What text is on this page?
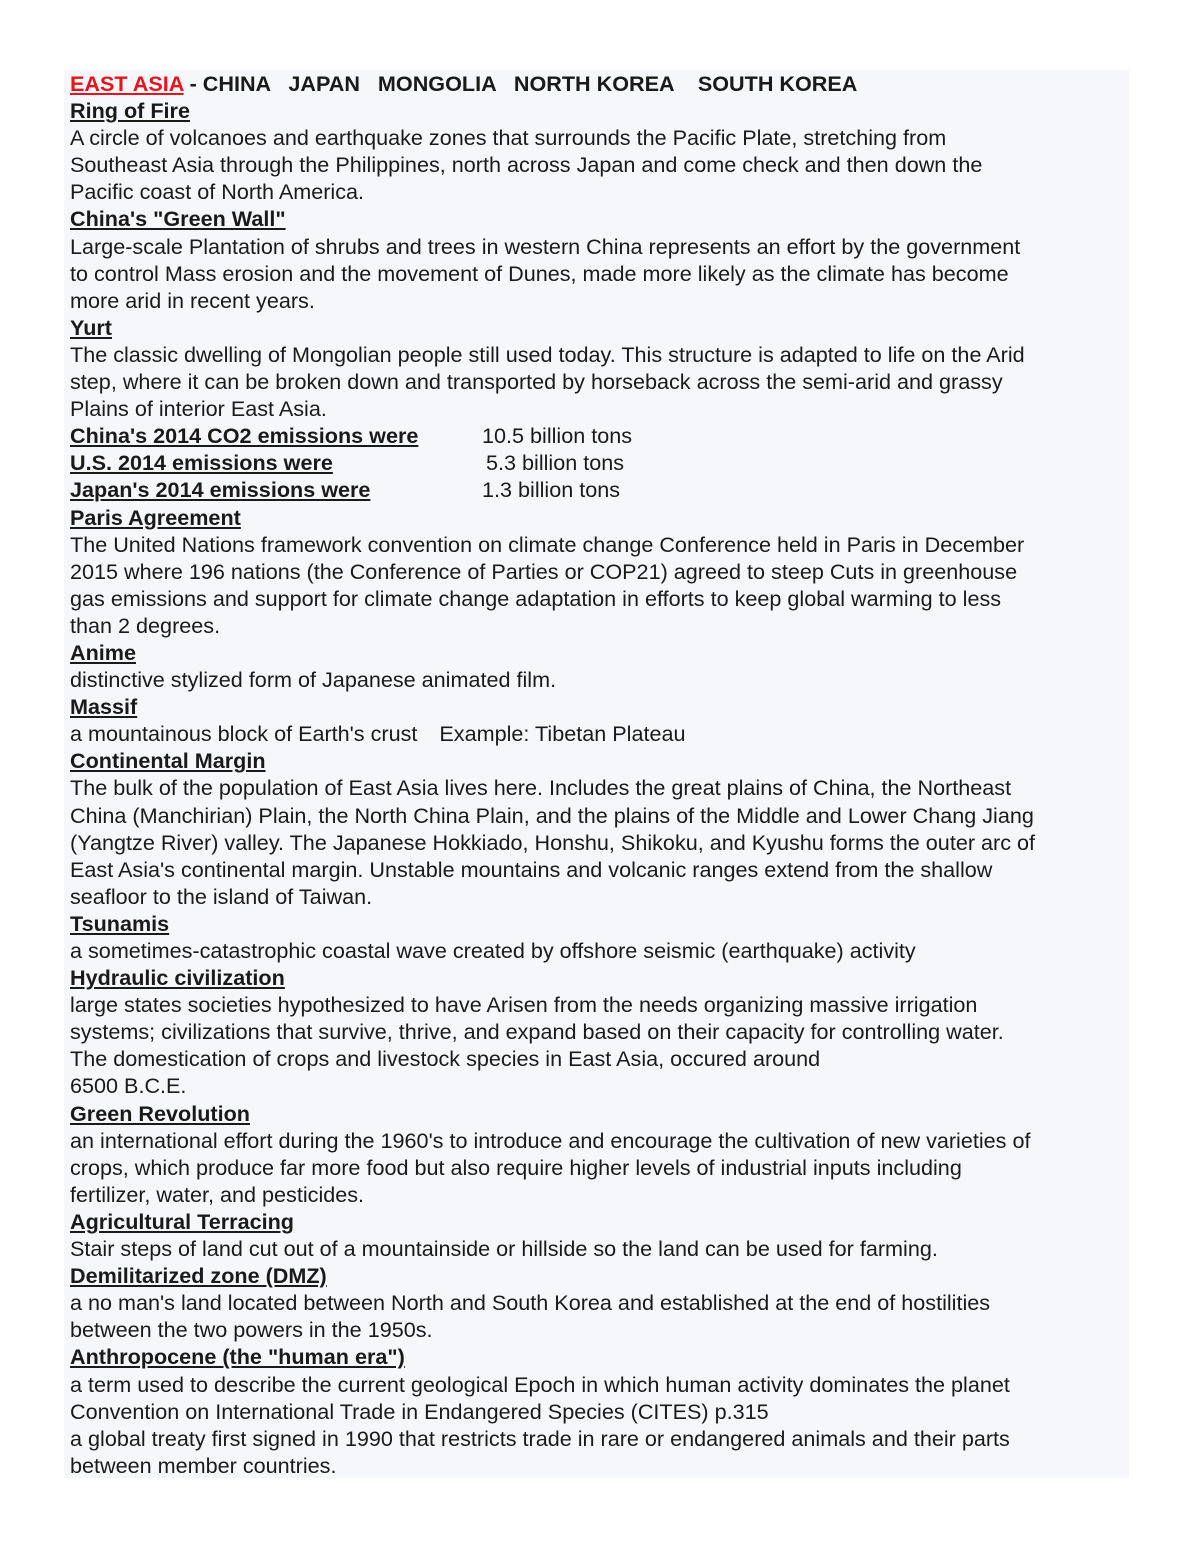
EAST ASIA - CHINA   JAPAN   MONGOLIA   NORTH KOREA    SOUTH KOREA
Ring of Fire
A circle of volcanoes and earthquake zones that surrounds the Pacific Plate, stretching from
Southeast Asia through the Philippines, north across Japan and come check and then down the
Pacific coast of North America.
China's "Green Wall"
Large-scale Plantation of shrubs and trees in western China represents an effort by the government
to control Mass erosion and the movement of Dunes, made more likely as the climate has become
more arid in recent years.
Yurt
The classic dwelling of Mongolian people still used today. This structure is adapted to life on the Arid
step, where it can be broken down and transported by horseback across the semi-arid and grassy
Plains of interior East Asia.
China's 2014 CO2 emissions were	10.5 billion tons
U.S. 2014 emissions were	5.3 billion tons
Japan's 2014 emissions were	1.3 billion tons
Paris Agreement
The United Nations framework convention on climate change Conference held in Paris in December
2015 where 196 nations (the Conference of Parties or COP21) agreed to steep Cuts in greenhouse
gas emissions and support for climate change adaptation in efforts to keep global warming to less
than 2 degrees.
Anime
distinctive stylized form of Japanese animated film.
Massif
a mountainous block of Earth's crust Example: Tibetan Plateau
Continental Margin
The bulk of the population of East Asia lives here. Includes the great plains of China, the Northeast
China (Manchirian) Plain, the North China Plain, and the plains of the Middle and Lower Chang Jiang
(Yangtze River) valley. The Japanese Hokkiado, Honshu, Shikoku, and Kyushu forms the outer arc of
East Asia's continental margin. Unstable mountains and volcanic ranges extend from the shallow
seafloor to the island of Taiwan.
Tsunamis
a sometimes-catastrophic coastal wave created by offshore seismic (earthquake) activity
Hydraulic civilization
large states societies hypothesized to have Arisen from the needs organizing massive irrigation
systems; civilizations that survive, thrive, and expand based on their capacity for controlling water.
The domestication of crops and livestock species in East Asia, occured around
6500 B.C.E.
Green Revolution
an international effort during the 1960's to introduce and encourage the cultivation of new varieties of
crops, which produce far more food but also require higher levels of industrial inputs including
fertilizer, water, and pesticides.
Agricultural Terracing
Stair steps of land cut out of a mountainside or hillside so the land can be used for farming.
Demilitarized zone (DMZ)
a no man's land located between North and South Korea and established at the end of hostilities
between the two powers in the 1950s.
Anthropocene (the "human era")
a term used to describe the current geological Epoch in which human activity dominates the planet
Convention on International Trade in Endangered Species (CITES) p.315
a global treaty first signed in 1990 that restricts trade in rare or endangered animals and their parts
between member countries.
